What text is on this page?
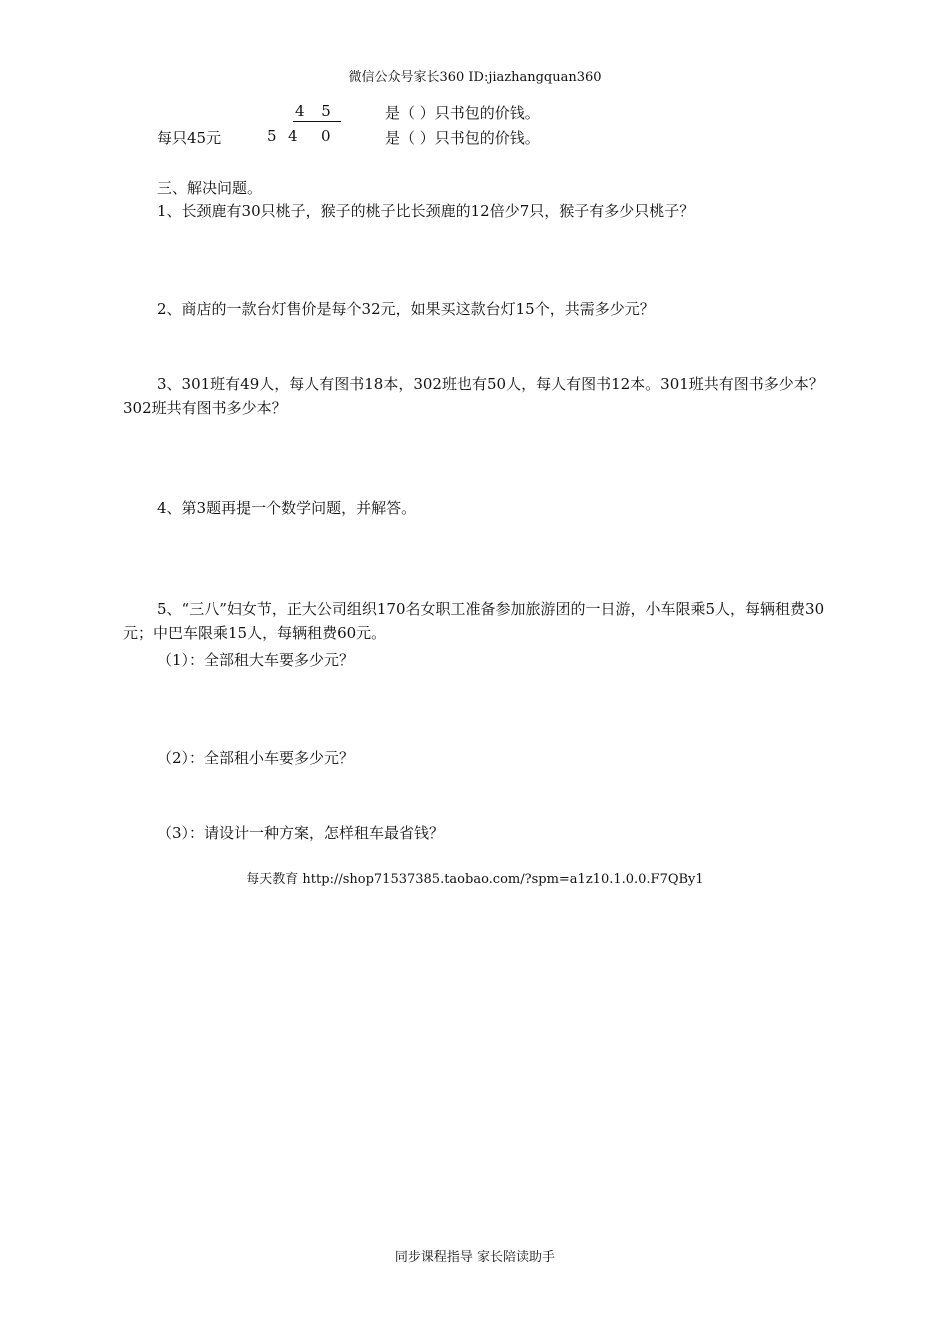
微信公众号家长360 ID:jiazhangquan360
4 5	是（ ）只书包的价钱。
每只45元	5 4 0	是（ ）只书包的价钱。
三、解决问题。
1、长颈鹿有30只桃子，猴子的桃子比长颈鹿的12倍少7只，猴子有多少只桃子？
2、商店的一款台灯售价是每个32元，如果买这款台灯15个，共需多少元？
3、301班有49人，每人有图书18本，302班也有50人，每人有图书12本。301班共有图书多少本？302班共有图书多少本？
4、第3题再提一个数学问题，并解答。
5、“三八”妇女节，正大公司组织170名女职工准备参加旅游团的一日游，小车限乘5人，每辆租费30元；中巴车限乘15人，每辆租费60元。
（1）：全部租大车要多少元？
（2）：全部租小车要多少元？
（3）：请设计一种方案，怎样租车最省钱？
每天教育 http://shop71537385.taobao.com/?spm=a1z10.1.0.0.F7QBy1
同步课程指导 家长陪读助手
